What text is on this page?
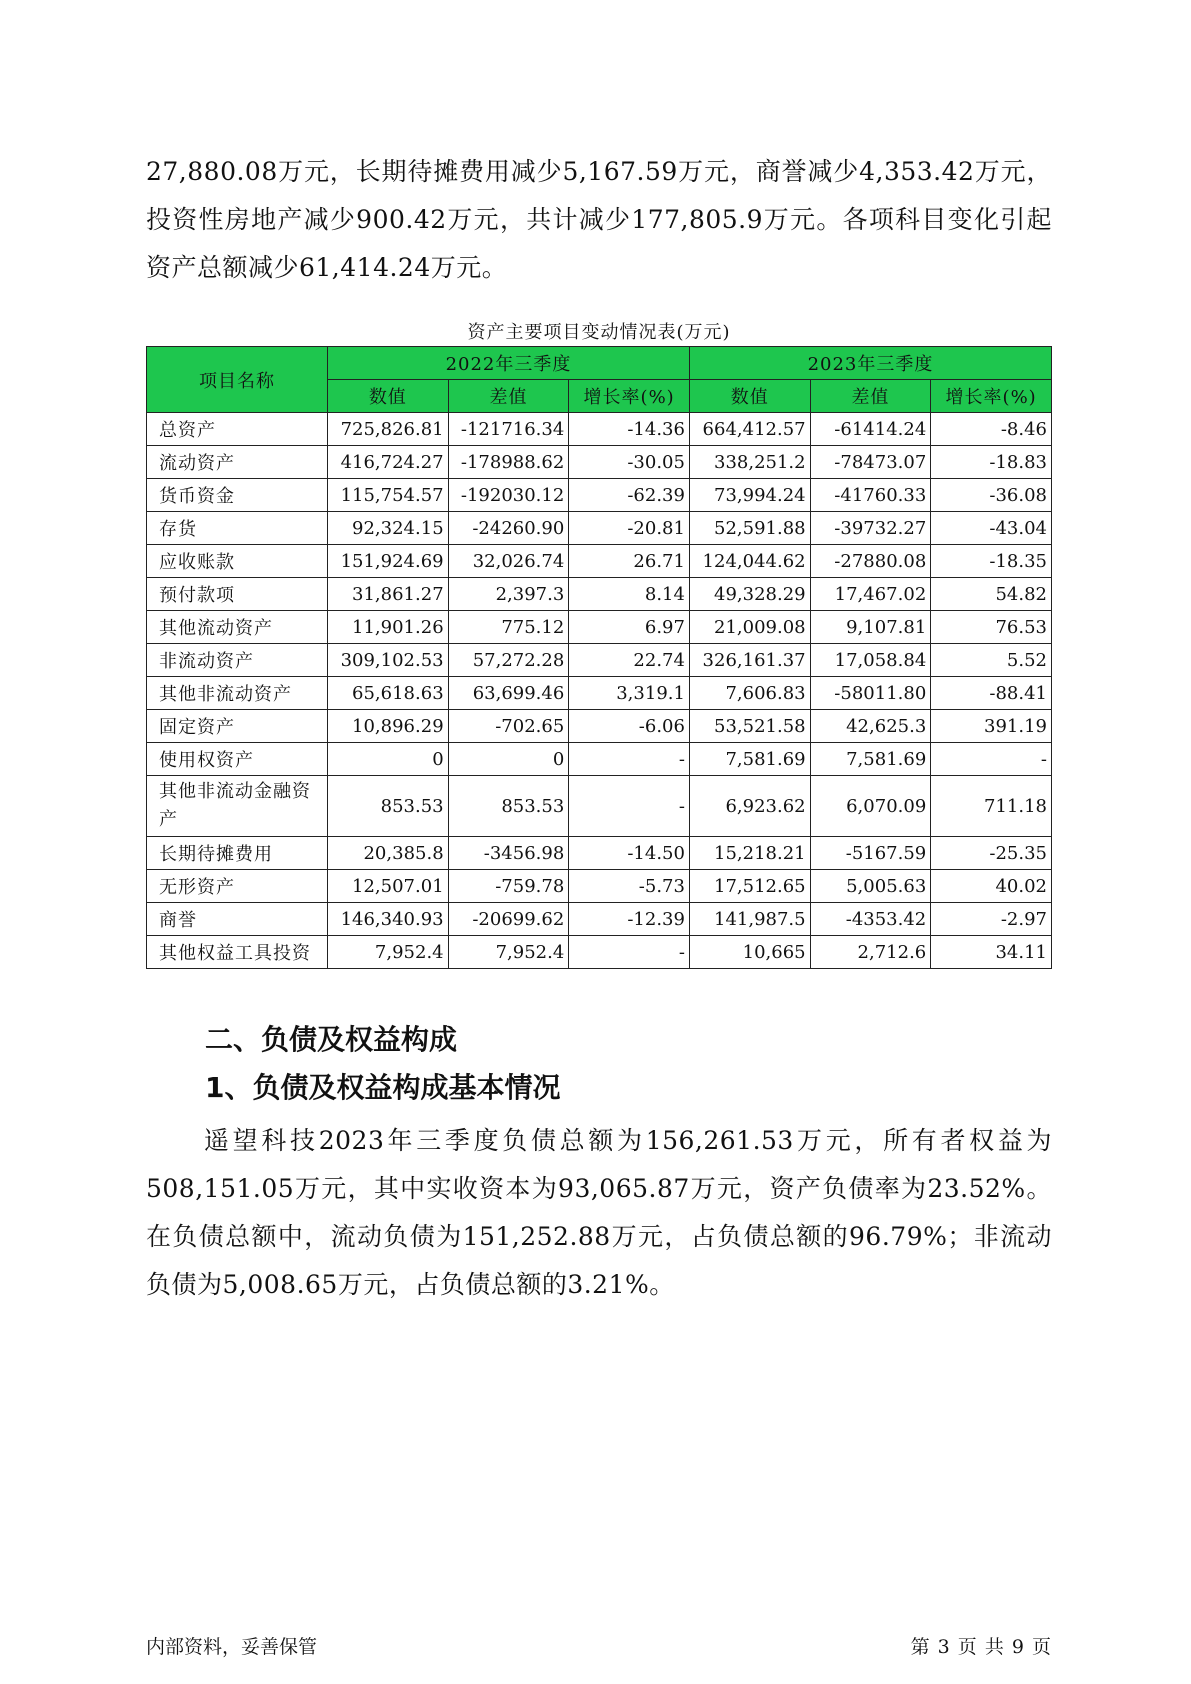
27,880.08万元，长期待摊费用减少5,167.59万元，商誉减少4,353.42万元，投资性房地产减少900.42万元，共计减少177,805.9万元。各项科目变化引起资产总额减少61,414.24万元。

资产主要项目变动情况表(万元)
项目名称	2022年三季度			2023年三季度		
	数值	差值	增长率(%)	数值	差值	增长率(%)
总资产	725,826.81	-121716.34	-14.36	664,412.57	-61414.24	-8.46
流动资产	416,724.27	-178988.62	-30.05	338,251.2	-78473.07	-18.83
货币资金	115,754.57	-192030.12	-62.39	73,994.24	-41760.33	-36.08
存货	92,324.15	-24260.90	-20.81	52,591.88	-39732.27	-43.04
应收账款	151,924.69	32,026.74	26.71	124,044.62	-27880.08	-18.35
预付款项	31,861.27	2,397.3	8.14	49,328.29	17,467.02	54.82
其他流动资产	11,901.26	775.12	6.97	21,009.08	9,107.81	76.53
非流动资产	309,102.53	57,272.28	22.74	326,161.37	17,058.84	5.52
其他非流动资产	65,618.63	63,699.46	3,319.1	7,606.83	-58011.80	-88.41
固定资产	10,896.29	-702.65	-6.06	53,521.58	42,625.3	391.19
使用权资产	0	0	-	7,581.69	7,581.69	-
其他非流动金融资产	853.53	853.53	-	6,923.62	6,070.09	711.18
长期待摊费用	20,385.8	-3456.98	-14.50	15,218.21	-5167.59	-25.35
无形资产	12,507.01	-759.78	-5.73	17,512.65	5,005.63	40.02
商誉	146,340.93	-20699.62	-12.39	141,987.5	-4353.42	-2.97
其他权益工具投资	7,952.4	7,952.4	-	10,665	2,712.6	34.11
二、负债及权益构成
1、负债及权益构成基本情况

遥望科技2023年三季度负债总额为156,261.53万元，所有者权益为508,151.05万元，其中实收资本为93,065.87万元，资产负债率为23.52%。在负债总额中，流动负债为151,252.88万元，占负债总额的96.79%；非流动负债为5,008.65万元，占负债总额的3.21%。

内部资料，妥善保管	第 3 页 共 9 页
